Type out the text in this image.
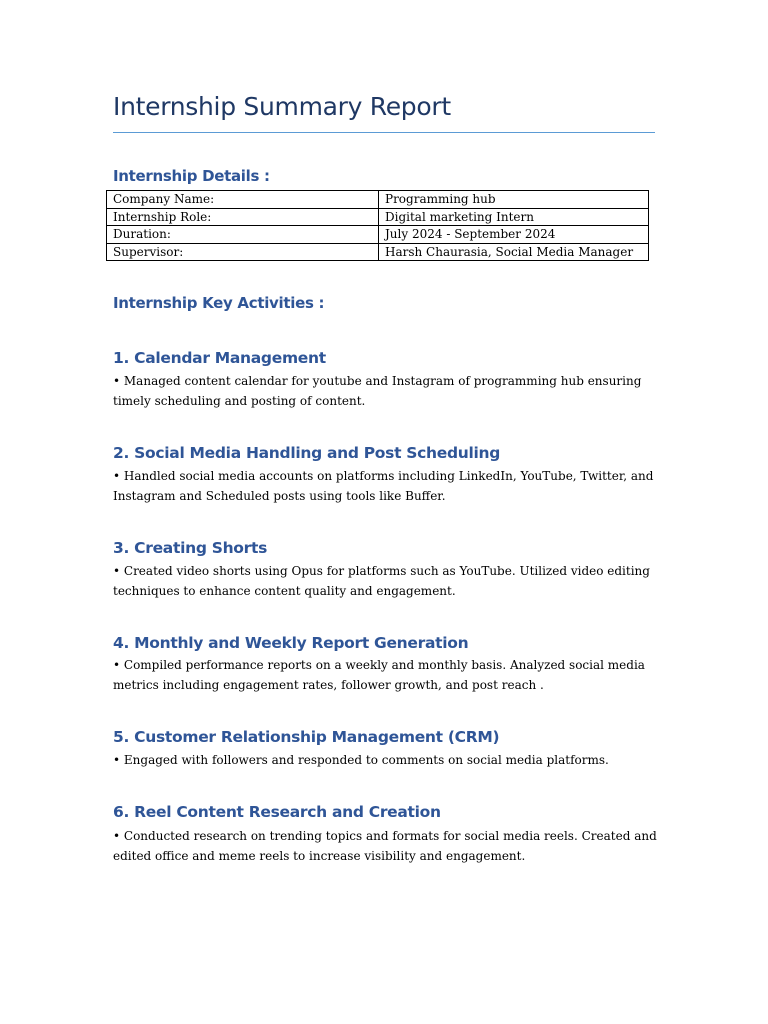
Internship Summary Report
Internship Details :
Company Name:	Programming hub
Internship Role:	Digital marketing Intern
Duration:	July 2024 - September 2024
Supervisor:	Harsh Chaurasia, Social Media Manager
Internship Key Activities :
1. Calendar Management
• Managed content calendar for youtube and Instagram of programming hub ensuring timely scheduling and posting of content.
2. Social Media Handling and Post Scheduling
• Handled social media accounts on platforms including LinkedIn, YouTube, Twitter, and Instagram and Scheduled posts using tools like Buffer.
3. Creating Shorts
• Created video shorts using Opus for platforms such as YouTube. Utilized video editing techniques to enhance content quality and engagement.
4. Monthly and Weekly Report Generation
• Compiled performance reports on a weekly and monthly basis. Analyzed social media metrics including engagement rates, follower growth, and post reach .
5. Customer Relationship Management (CRM)
• Engaged with followers and responded to comments on social media platforms.
6. Reel Content Research and Creation
• Conducted research on trending topics and formats for social media reels. Created and edited office and meme reels to increase visibility and engagement.
